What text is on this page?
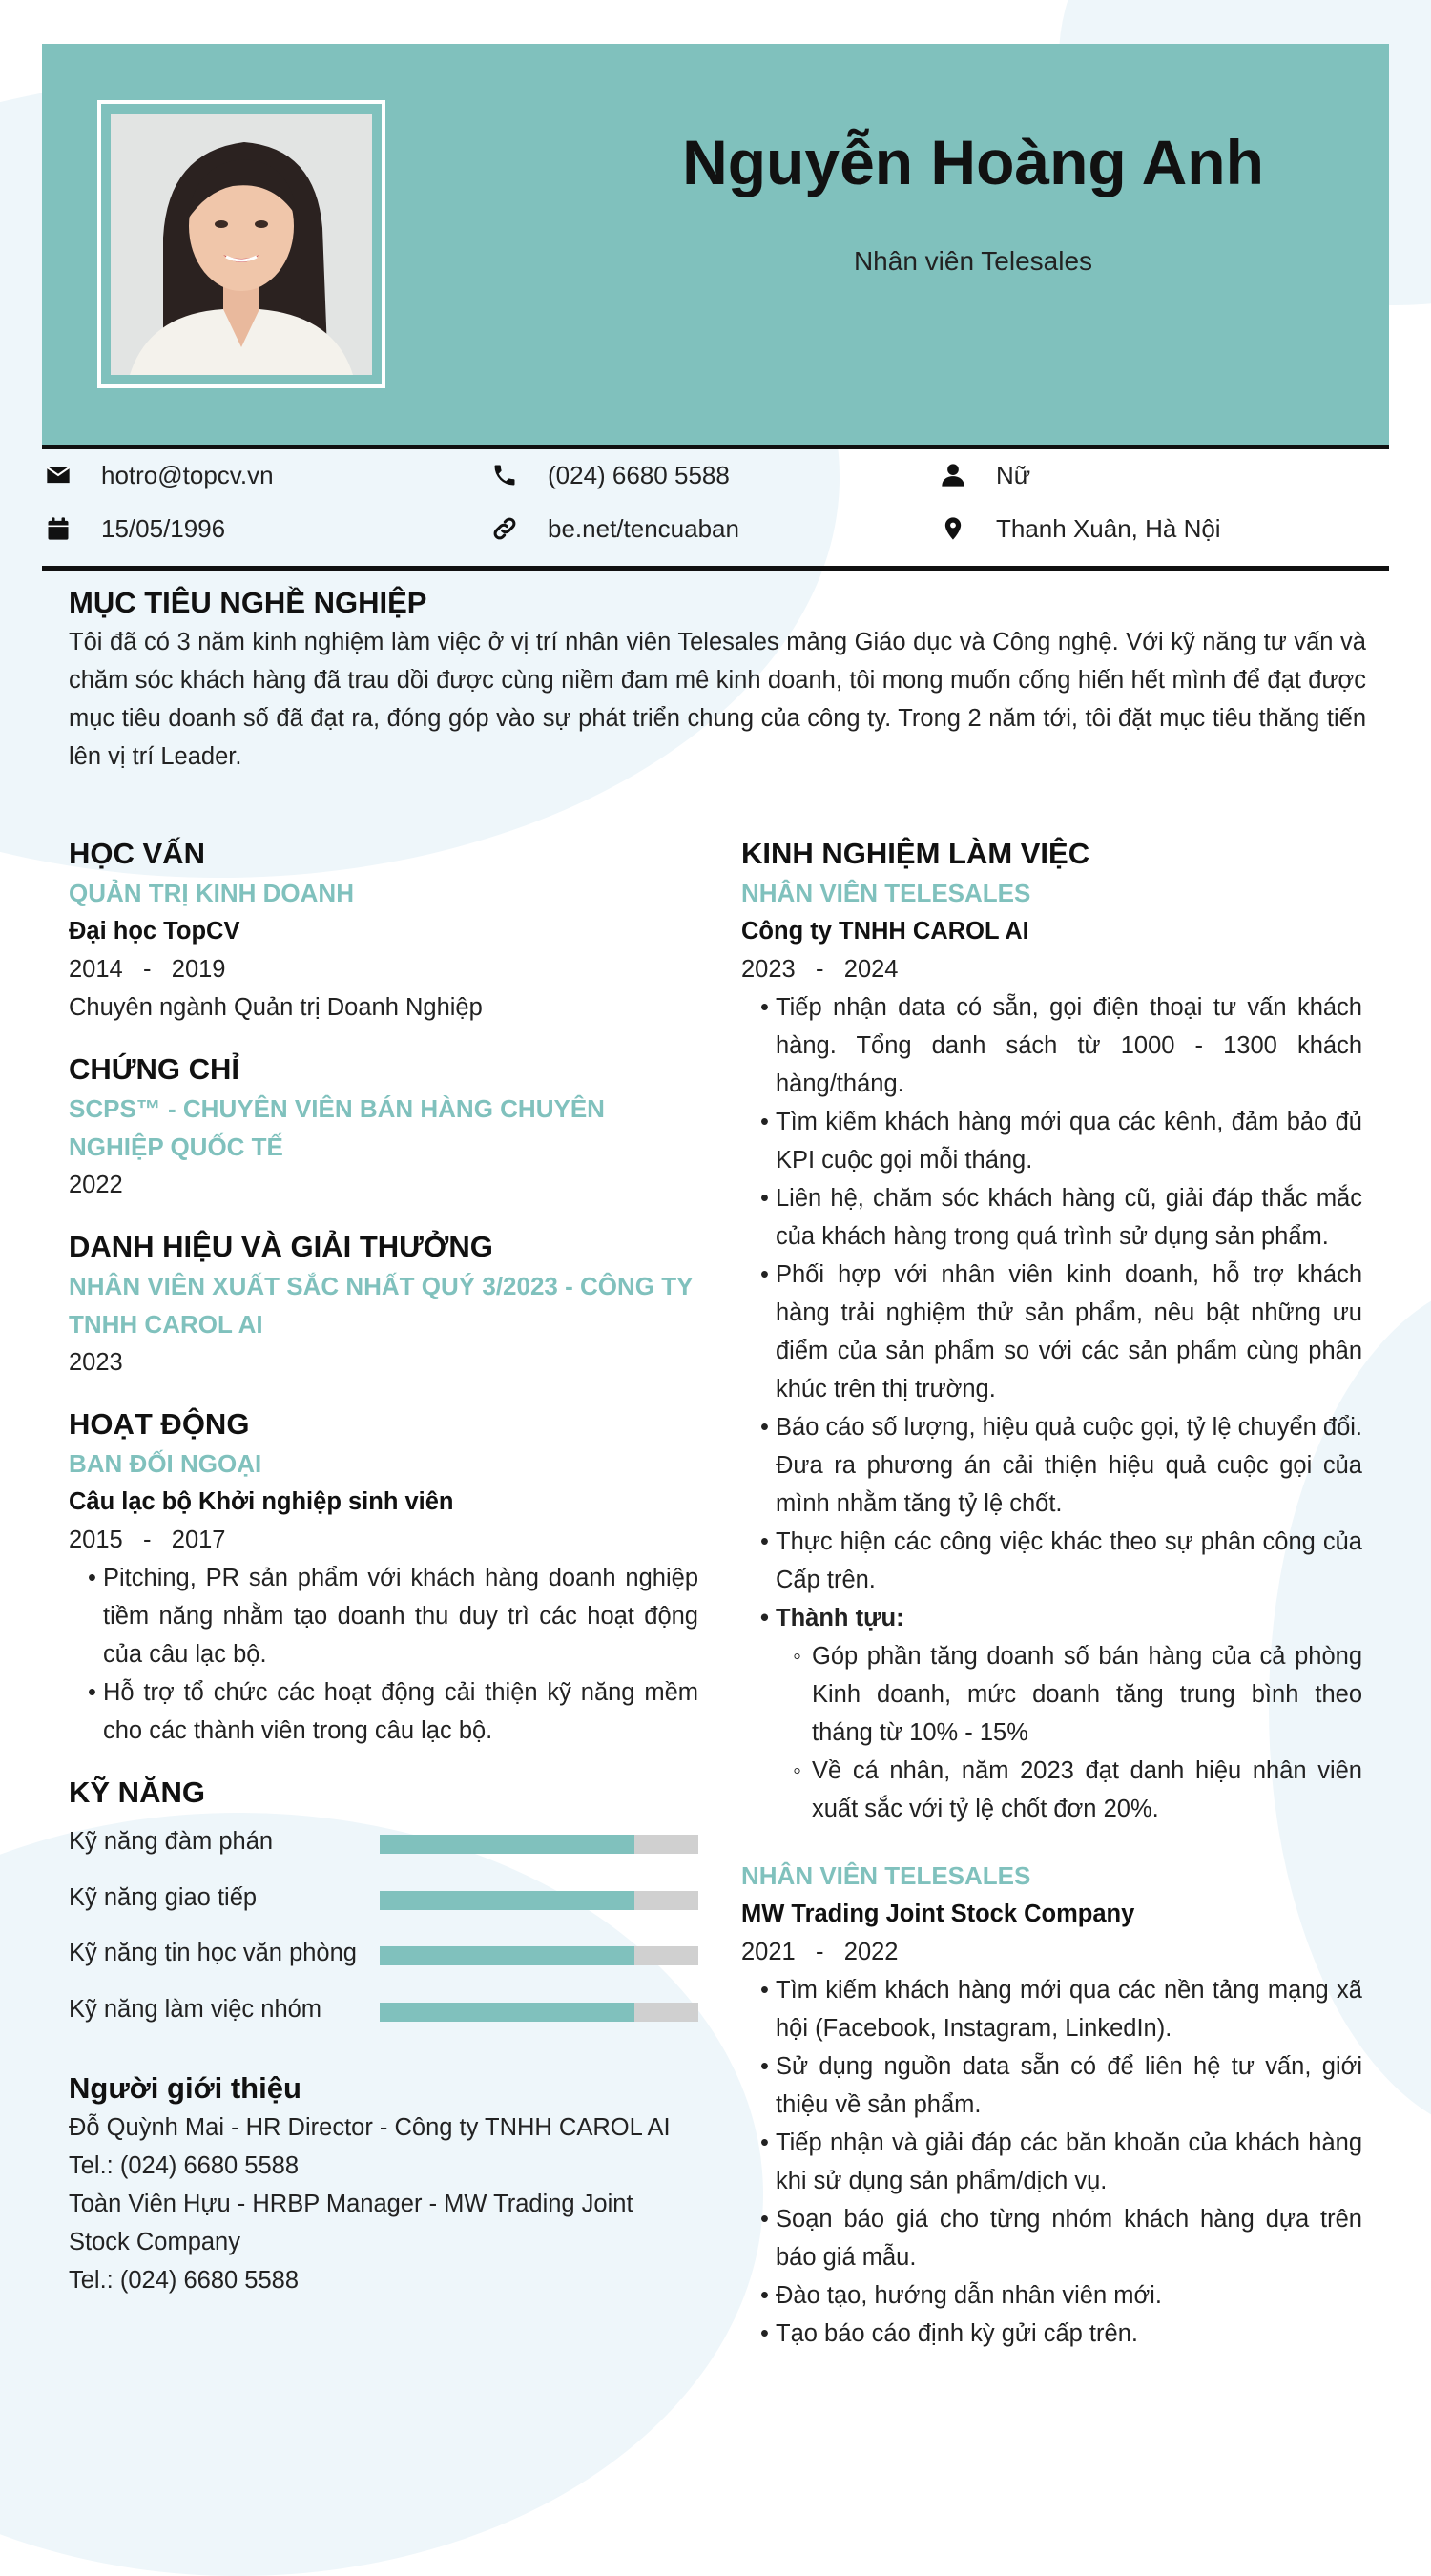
Nguyễn Hoàng Anh
Nhân viên Telesales
hotro@topcv.vn	(024) 6680 5588	Nữ
15/05/1996	be.net/tencuaban	Thanh Xuân, Hà Nội
MỤC TIÊU NGHỀ NGHIỆP

Tôi đã có 3 năm kinh nghiệm làm việc ở vị trí nhân viên Telesales mảng Giáo dục và Công nghệ. Với kỹ năng tư vấn và chăm sóc khách hàng đã trau dồi được cùng niềm đam mê kinh doanh, tôi mong muốn cống hiến hết mình để đạt được mục tiêu doanh số đã đạt ra, đóng góp vào sự phát triển chung của công ty. Trong 2 năm tới, tôi đặt mục tiêu thăng tiến lên vị trí Leader.

HỌC VẤN
QUẢN TRỊ KINH DOANH
Đại học TopCV
2014 - 2019
Chuyên ngành Quản trị Doanh Nghiệp
CHỨNG CHỈ
SCPS™ - CHUYÊN VIÊN BÁN HÀNG CHUYÊN NGHIỆP QUỐC TẾ
2022
DANH HIỆU VÀ GIẢI THƯỞNG
NHÂN VIÊN XUẤT SẮC NHẤT QUÝ 3/2023 - CÔNG TY TNHH CAROL AI
2023
HOẠT ĐỘNG
BAN ĐỐI NGOẠI
Câu lạc bộ Khởi nghiệp sinh viên
2015 - 2017
• Pitching, PR sản phẩm với khách hàng doanh nghiệp tiềm năng nhằm tạo doanh thu duy trì các hoạt động của câu lạc bộ.
• Hỗ trợ tổ chức các hoạt động cải thiện kỹ năng mềm cho các thành viên trong câu lạc bộ.
KỸ NĂNG
Kỹ năng đàm phán
Kỹ năng giao tiếp
Kỹ năng tin học văn phòng
Kỹ năng làm việc nhóm
Người giới thiệu
Đỗ Quỳnh Mai - HR Director - Công ty TNHH CAROL AI
Tel.: (024) 6680 5588
Toàn Viên Hựu - HRBP Manager - MW Trading Joint Stock Company
Tel.: (024) 6680 5588
KINH NGHIỆM LÀM VIỆC
NHÂN VIÊN TELESALES
Công ty TNHH CAROL AI
2023 - 2024
• Tiếp nhận data có sẵn, gọi điện thoại tư vấn khách hàng. Tổng danh sách từ 1000 - 1300 khách hàng/tháng.
• Tìm kiếm khách hàng mới qua các kênh, đảm bảo đủ KPI cuộc gọi mỗi tháng.
• Liên hệ, chăm sóc khách hàng cũ, giải đáp thắc mắc của khách hàng trong quá trình sử dụng sản phẩm.
• Phối hợp với nhân viên kinh doanh, hỗ trợ khách hàng trải nghiệm thử sản phẩm, nêu bật những ưu điểm của sản phẩm so với các sản phẩm cùng phân khúc trên thị trường.
• Báo cáo số lượng, hiệu quả cuộc gọi, tỷ lệ chuyển đổi. Đưa ra phương án cải thiện hiệu quả cuộc gọi của mình nhằm tăng tỷ lệ chốt.
• Thực hiện các công việc khác theo sự phân công của Cấp trên.
• Thành tựu:
◦ Góp phần tăng doanh số bán hàng của cả phòng Kinh doanh, mức doanh tăng trung bình theo tháng từ 10% - 15%
◦ Về cá nhân, năm 2023 đạt danh hiệu nhân viên xuất sắc với tỷ lệ chốt đơn 20%.
NHÂN VIÊN TELESALES
MW Trading Joint Stock Company
2021 - 2022
• Tìm kiếm khách hàng mới qua các nền tảng mạng xã hội (Facebook, Instagram, LinkedIn).
• Sử dụng nguồn data sẵn có để liên hệ tư vấn, giới thiệu về sản phẩm.
• Tiếp nhận và giải đáp các băn khoăn của khách hàng khi sử dụng sản phẩm/dịch vụ.
• Soạn báo giá cho từng nhóm khách hàng dựa trên báo giá mẫu.
• Đào tạo, hướng dẫn nhân viên mới.
• Tạo báo cáo định kỳ gửi cấp trên.
